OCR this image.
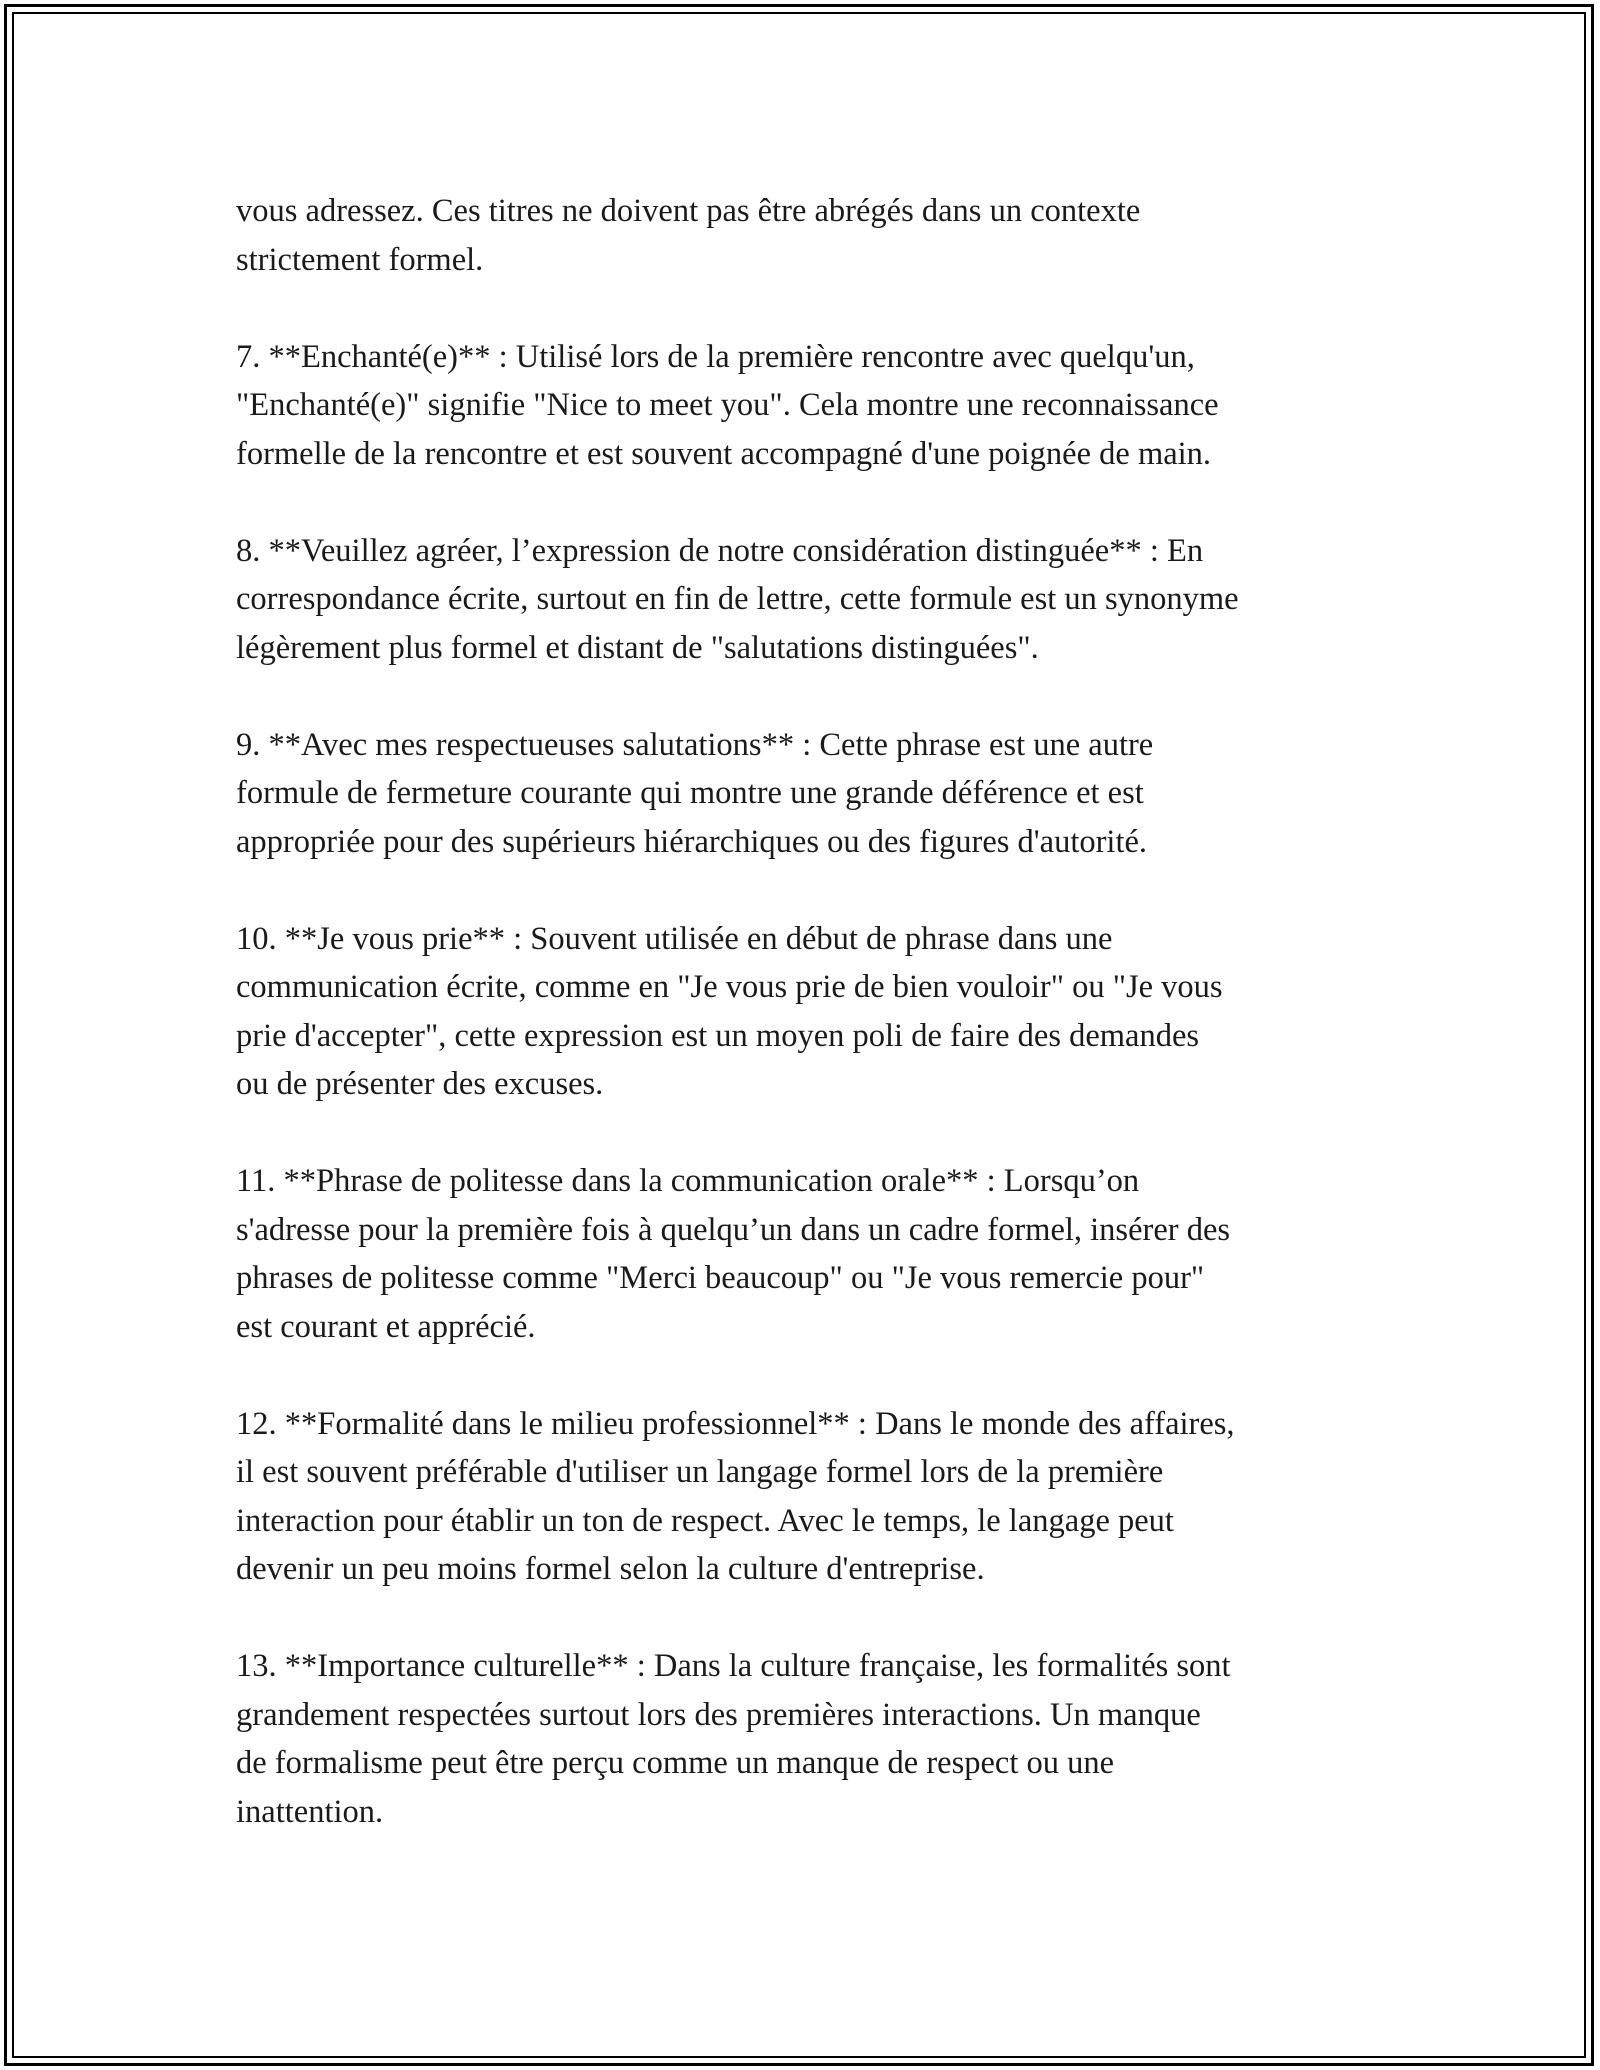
vous adressez. Ces titres ne doivent pas être abrégés dans un contexte
strictement formel.

7. **Enchanté(e)** : Utilisé lors de la première rencontre avec quelqu'un,
"Enchanté(e)" signifie "Nice to meet you". Cela montre une reconnaissance
formelle de la rencontre et est souvent accompagné d'une poignée de main.

8. **Veuillez agréer, l’expression de notre considération distinguée** : En
correspondance écrite, surtout en fin de lettre, cette formule est un synonyme
légèrement plus formel et distant de "salutations distinguées".

9. **Avec mes respectueuses salutations** : Cette phrase est une autre
formule de fermeture courante qui montre une grande déférence et est
appropriée pour des supérieurs hiérarchiques ou des figures d'autorité.

10. **Je vous prie** : Souvent utilisée en début de phrase dans une
communication écrite, comme en "Je vous prie de bien vouloir" ou "Je vous
prie d'accepter", cette expression est un moyen poli de faire des demandes
ou de présenter des excuses.

11. **Phrase de politesse dans la communication orale** : Lorsqu’on
s'adresse pour la première fois à quelqu’un dans un cadre formel, insérer des
phrases de politesse comme "Merci beaucoup" ou "Je vous remercie pour"
est courant et apprécié.

12. **Formalité dans le milieu professionnel** : Dans le monde des affaires,
il est souvent préférable d'utiliser un langage formel lors de la première
interaction pour établir un ton de respect. Avec le temps, le langage peut
devenir un peu moins formel selon la culture d'entreprise.

13. **Importance culturelle** : Dans la culture française, les formalités sont
grandement respectées surtout lors des premières interactions. Un manque
de formalisme peut être perçu comme un manque de respect ou une
inattention.
